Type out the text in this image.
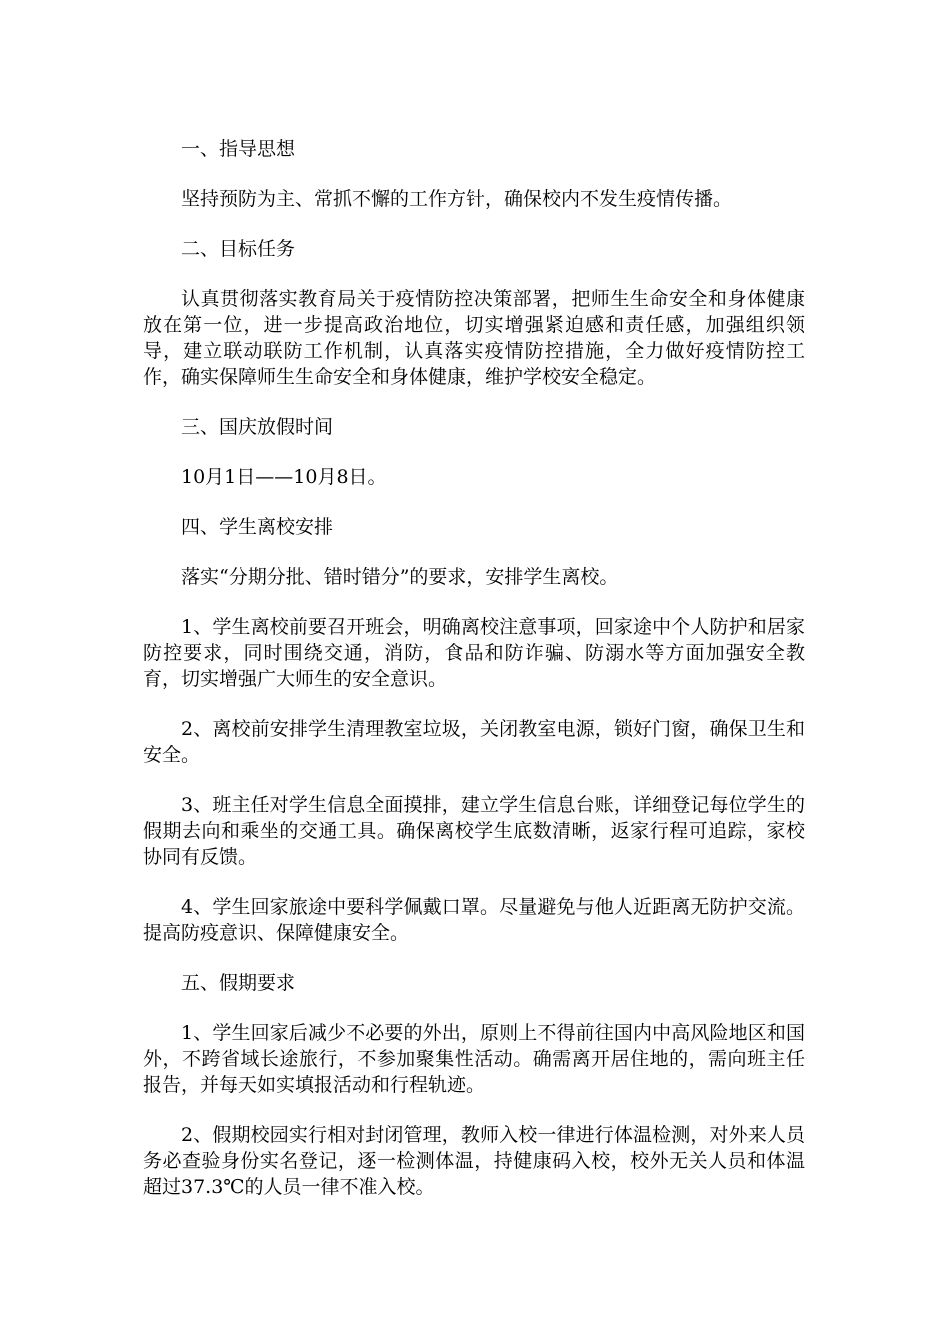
一、指导思想

坚持预防为主、常抓不懈的工作方针，确保校内不发生疫情传播。

二、目标任务

认真贯彻落实教育局关于疫情防控决策部署，把师生生命安全和身体健康放在第一位，进一步提高政治地位，切实增强紧迫感和责任感，加强组织领导，建立联动联防工作机制，认真落实疫情防控措施，全力做好疫情防控工作，确实保障师生生命安全和身体健康，维护学校安全稳定。

三、国庆放假时间

10月1日——10月8日。

四、学生离校安排

落实“分期分批、错时错分”的要求，安排学生离校。

1、学生离校前要召开班会，明确离校注意事项，回家途中个人防护和居家防控要求，同时围绕交通，消防，食品和防诈骗、防溺水等方面加强安全教育，切实增强广大师生的安全意识。

2、离校前安排学生清理教室垃圾，关闭教室电源，锁好门窗，确保卫生和安全。

3、班主任对学生信息全面摸排，建立学生信息台账，详细登记每位学生的假期去向和乘坐的交通工具。确保离校学生底数清晰，返家行程可追踪，家校协同有反馈。

4、学生回家旅途中要科学佩戴口罩。尽量避免与他人近距离无防护交流。提高防疫意识、保障健康安全。

五、假期要求

1、学生回家后减少不必要的外出，原则上不得前往国内中高风险地区和国外，不跨省域长途旅行，不参加聚集性活动。确需离开居住地的，需向班主任报告，并每天如实填报活动和行程轨迹。

2、假期校园实行相对封闭管理，教师入校一律进行体温检测，对外来人员务必查验身份实名登记，逐一检测体温，持健康码入校，校外无关人员和体温超过37.3℃的人员一律不准入校。
